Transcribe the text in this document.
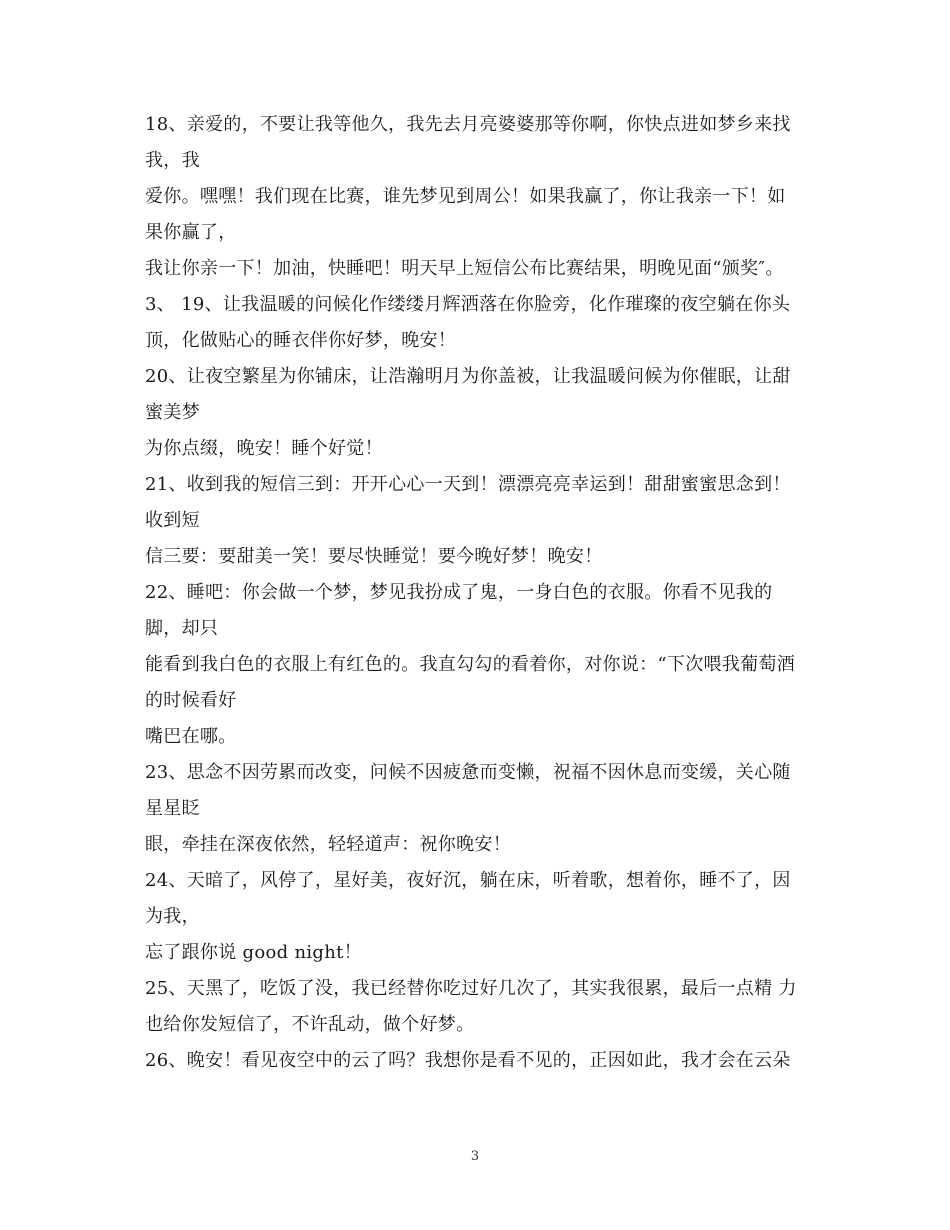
18、亲爱的，不要让我等他久，我先去月亮婆婆那等你啊，你快点进如梦乡来找
我，我
爱你。嘿嘿！我们现在比赛，谁先梦见到周公！如果我赢了，你让我亲一下！如
果你赢了，
我让你亲一下！加油，快睡吧！明天早上短信公布比赛结果，明晚见面“颁奖″。
3、 19、让我温暖的问候化作缕缕月辉洒落在你脸旁，化作璀璨的夜空躺在你头
顶，化做贴心的睡衣伴你好梦，晚安！
20、让夜空繁星为你铺床，让浩瀚明月为你盖被，让我温暖问候为你催眠，让甜
蜜美梦
为你点缀，晚安！睡个好觉！
21、收到我的短信三到：开开心心一天到！漂漂亮亮幸运到！甜甜蜜蜜思念到！
收到短
信三要：要甜美一笑！要尽快睡觉！要今晚好梦！晚安！
22、睡吧：你会做一个梦，梦见我扮成了鬼，一身白色的衣服。你看不见我的
脚，却只
能看到我白色的衣服上有红色的。我直勾勾的看着你，对你说：“下次喂我葡萄酒
的时候看好
嘴巴在哪。
23、思念不因劳累而改变，问候不因疲惫而变懒，祝福不因休息而变缓，关心随
星星眨
眼，牵挂在深夜依然，轻轻道声：祝你晚安！
24、天暗了，风停了，星好美，夜好沉，躺在床，听着歌，想着你，睡不了，因
为我，
忘了跟你说 good night！
25、天黑了，吃饭了没，我已经替你吃过好几次了，其实我很累，最后一点精 力
也给你发短信了，不许乱动，做个好梦。
26、晚安！看见夜空中的云了吗？我想你是看不见的，正因如此，我才会在云朵
3
